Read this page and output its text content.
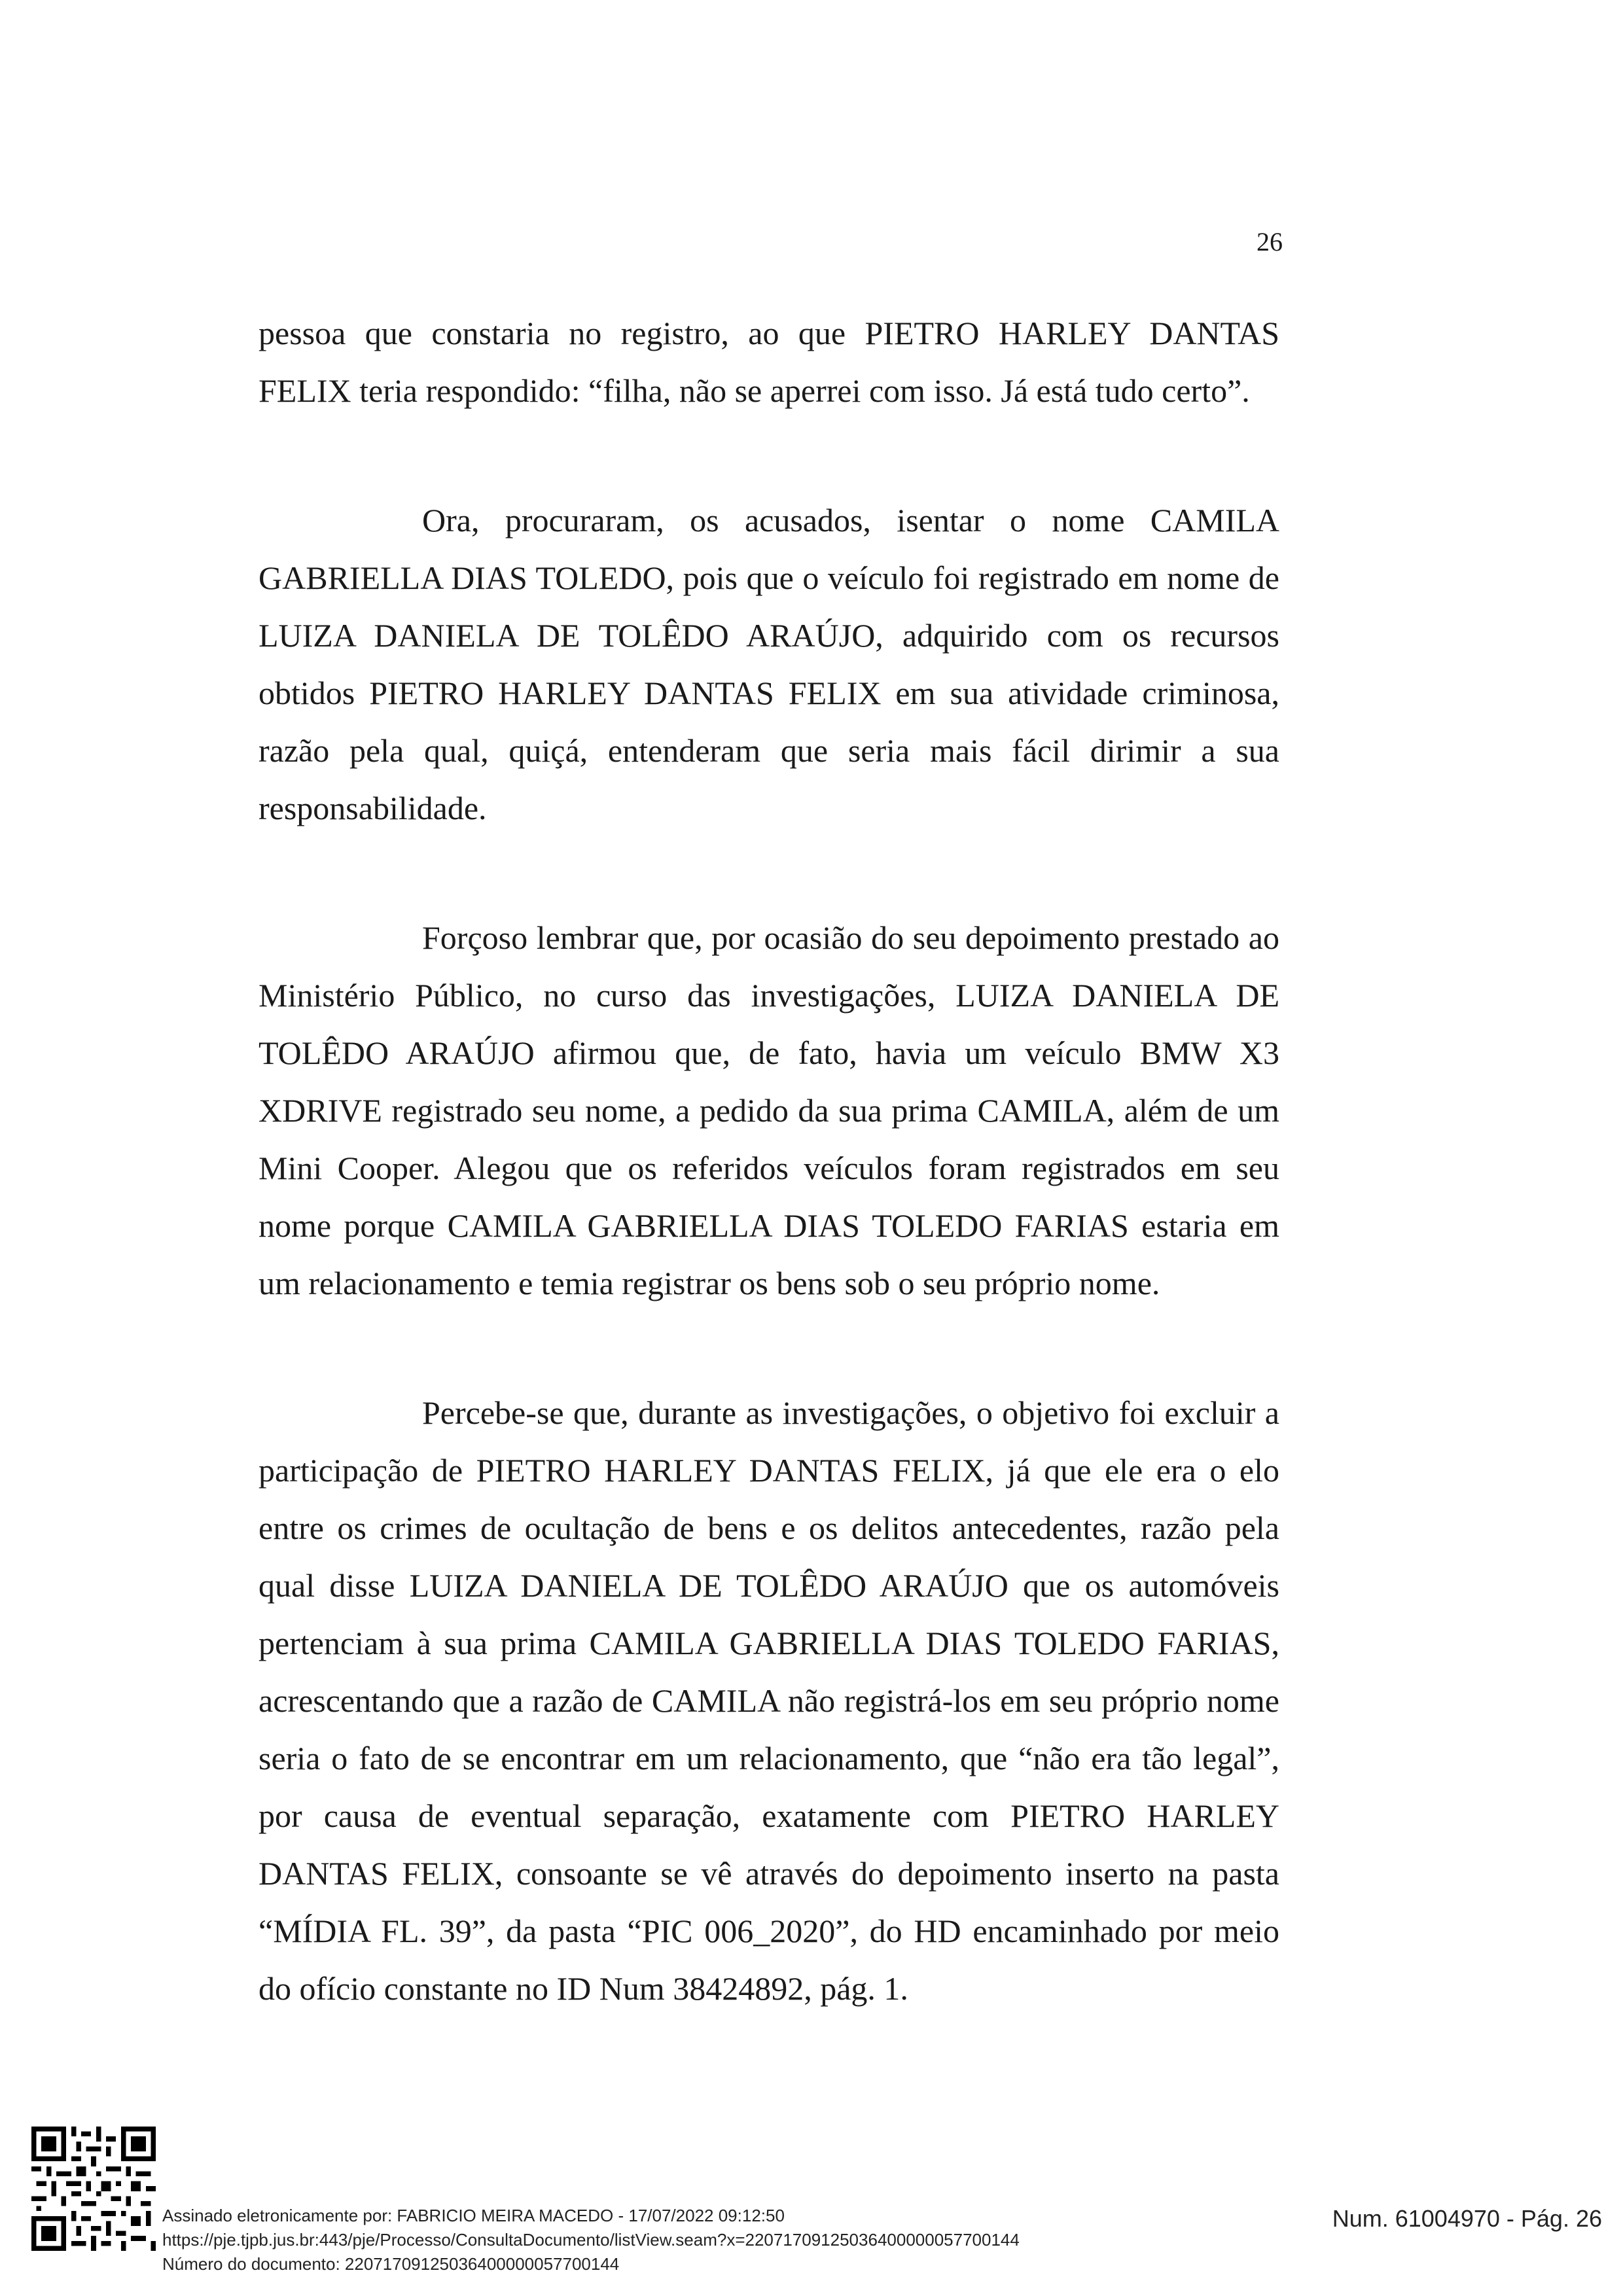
26

pessoa que constaria no registro, ao que PIETRO HARLEY DANTAS FELIX teria respondido: “filha, não se aperrei com isso. Já está tudo certo”.

Ora, procuraram, os acusados, isentar o nome CAMILA GABRIELLA DIAS TOLEDO, pois que o veículo foi registrado em nome de LUIZA DANIELA DE TOLÊDO ARAÚJO, adquirido com os recursos obtidos PIETRO HARLEY DANTAS FELIX em sua atividade criminosa, razão pela qual, quiçá, entenderam que seria mais fácil dirimir a sua responsabilidade.

Forçoso lembrar que, por ocasião do seu depoimento prestado ao Ministério Público, no curso das investigações, LUIZA DANIELA DE TOLÊDO ARAÚJO afirmou que, de fato, havia um veículo BMW X3 XDRIVE registrado seu nome, a pedido da sua prima CAMILA, além de um Mini Cooper. Alegou que os referidos veículos foram registrados em seu nome porque CAMILA GABRIELLA DIAS TOLEDO FARIAS estaria em um relacionamento e temia registrar os bens sob o seu próprio nome.

Percebe-se que, durante as investigações, o objetivo foi excluir a participação de PIETRO HARLEY DANTAS FELIX, já que ele era o elo entre os crimes de ocultação de bens e os delitos antecedentes, razão pela qual disse LUIZA DANIELA DE TOLÊDO ARAÚJO que os automóveis pertenciam à sua prima CAMILA GABRIELLA DIAS TOLEDO FARIAS, acrescentando que a razão de CAMILA não registrá-los em seu próprio nome seria o fato de se encontrar em um relacionamento, que “não era tão legal”, por causa de eventual separação, exatamente com PIETRO HARLEY DANTAS FELIX, consoante se vê através do depoimento inserto na pasta “MÍDIA FL. 39”, da pasta “PIC 006_2020”, do HD encaminhado por meio do ofício constante no ID Num 38424892, pág. 1.

Assinado eletronicamente por: FABRICIO MEIRA MACEDO - 17/07/2022 09:12:50
https://pje.tjpb.jus.br:443/pje/Processo/ConsultaDocumento/listView.seam?x=22071709125036400000057700144
Número do documento: 22071709125036400000057700144
Num. 61004970 - Pág. 26
